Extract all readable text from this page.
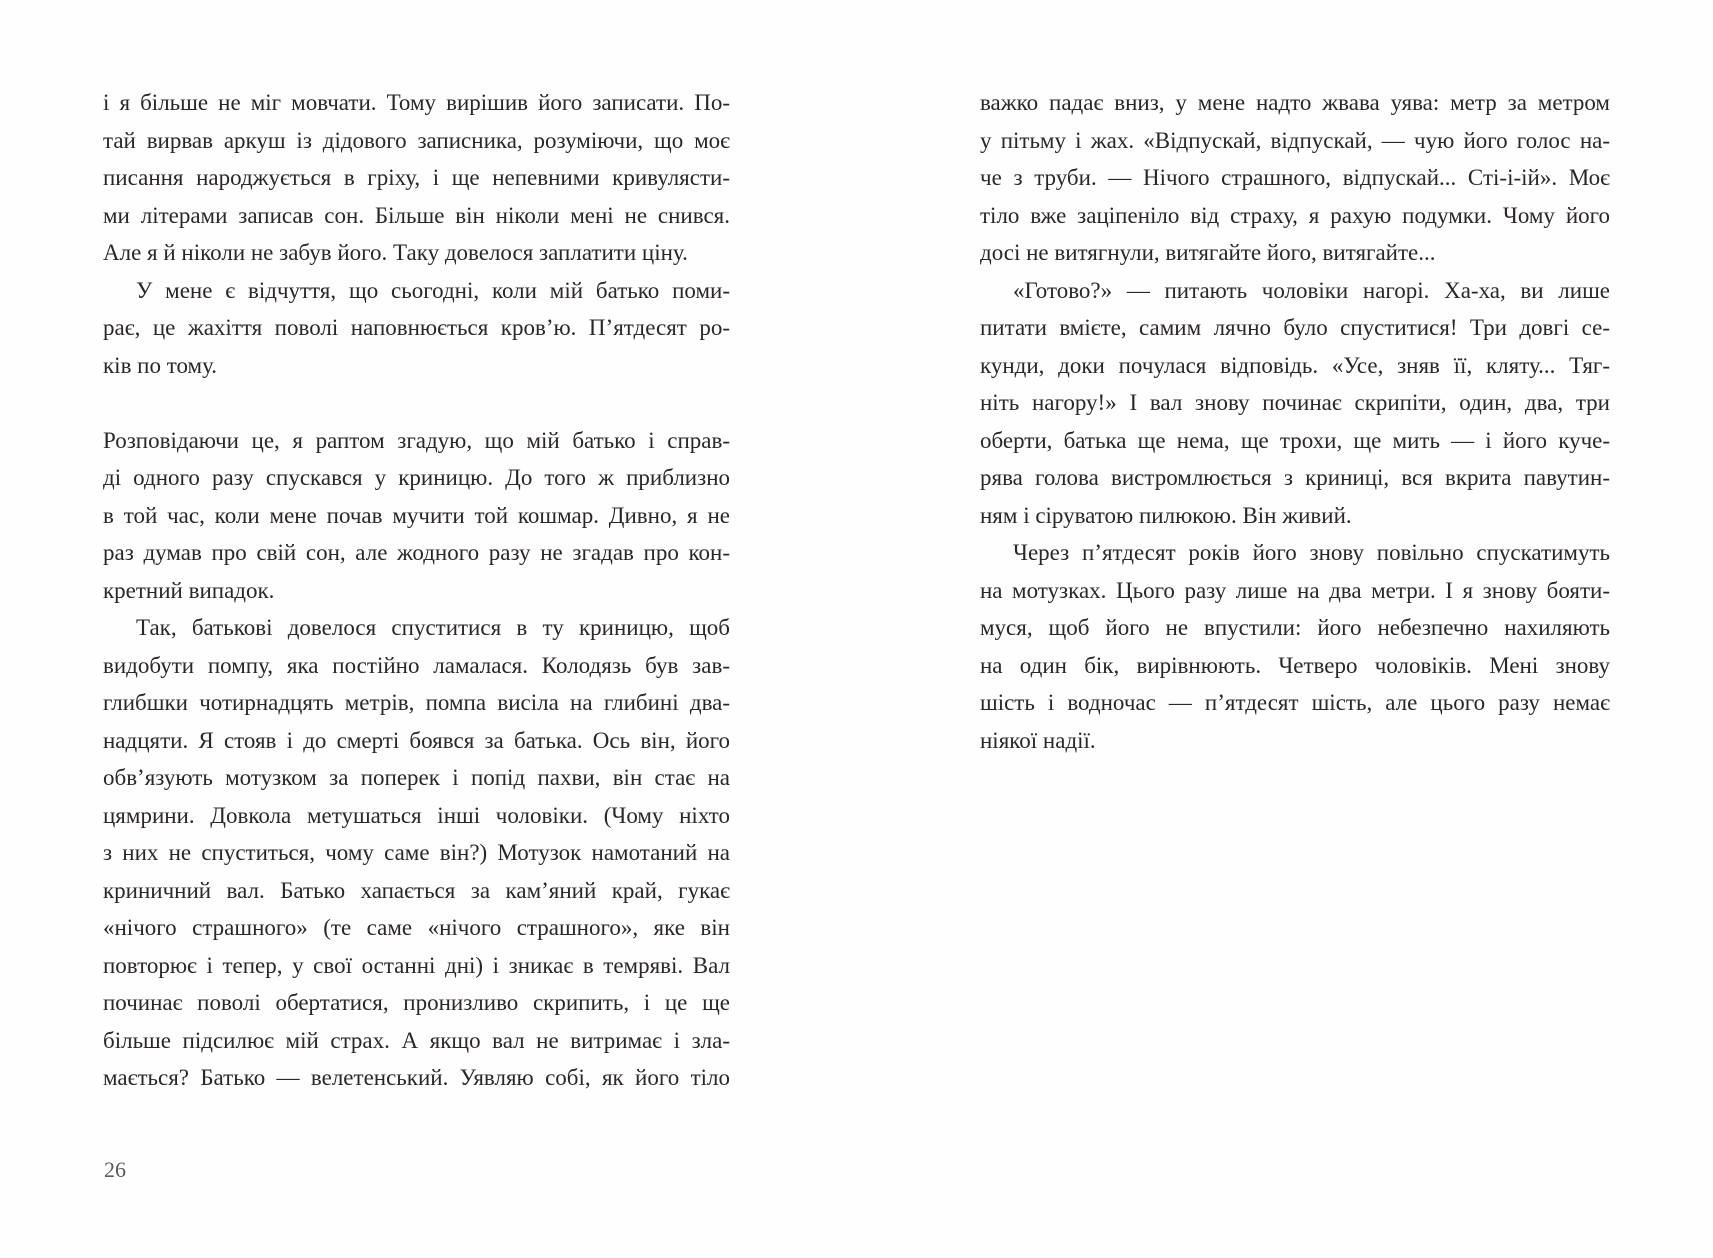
і я більше не міг мовчати. Тому вирішив його записати. По-
тай вирвав аркуш із дідового записника, розуміючи, що моє
писання народжується в гріху, і ще непевними кривулясти-
ми літерами записав сон. Більше він ніколи мені не снився.
Але я й ніколи не забув його. Таку довелося заплатити ціну.

У мене є відчуття, що сьогодні, коли мій батько поми-
рає, це жахіття поволі наповнюється кров’ю. П’ятдесят ро-
ків по тому.

Розповідаючи це, я раптом згадую, що мій батько і справ-
ді одного разу спускався у криницю. До того ж приблизно
в той час, коли мене почав мучити той кошмар. Дивно, я не
раз думав про свій сон, але жодного разу не згадав про кон-
кретний випадок.

Так, батькові довелося спуститися в ту криницю, щоб
видобути помпу, яка постійно ламалася. Колодязь був зав-
глибшки чотирнадцять метрів, помпа висіла на глибині два-
надцяти. Я стояв і до смерті боявся за батька. Ось він, його
обв’язують мотузком за поперек і попід пахви, він стає на
цямрини. Довкола метушаться інші чоловіки. (Чому ніхто
з них не спуститься, чому саме він?) Мотузок намотаний на
криничний вал. Батько хапається за кам’яний край, гукає
«нічого страшного» (те саме «нічого страшного», яке він
повторює і тепер, у свої останні дні) і зникає в темряві. Вал
починає поволі обертатися, пронизливо скрипить, і це ще
більше підсилює мій страх. А якщо вал не витримає і зла-
мається? Батько — велетенський. Уявляю собі, як його тіло

важко падає вниз, у мене надто жвава уява: метр за метром
у пітьму і жах. «Відпускай, відпускай, — чую його голос на-
че з труби. — Нічого страшного, відпускай... Сті-і-ій». Моє
тіло вже заціпеніло від страху, я рахую подумки. Чому його
досі не витягнули, витягайте його, витягайте...

«Готово?» — питають чоловіки нагорі. Ха-ха, ви лише
питати вмієте, самим лячно було спуститися! Три довгі се-
кунди, доки почулася відповідь. «Усе, зняв її, кляту... Тяг-
ніть нагору!» І вал знову починає скрипіти, один, два, три
оберти, батька ще нема, ще трохи, ще мить — і його куче-
рява голова вистромлюється з криниці, вся вкрита павутин-
ням і сіруватою пилюкою. Він живий.

Через п’ятдесят років його знову повільно спускатимуть
на мотузках. Цього разу лише на два метри. І я знову бояти-
муся, щоб його не впустили: його небезпечно нахиляють
на один бік, вирівнюють. Четверо чоловіків. Мені знову
шість і водночас — п’ятдесят шість, але цього разу немає
ніякої надії.

26
